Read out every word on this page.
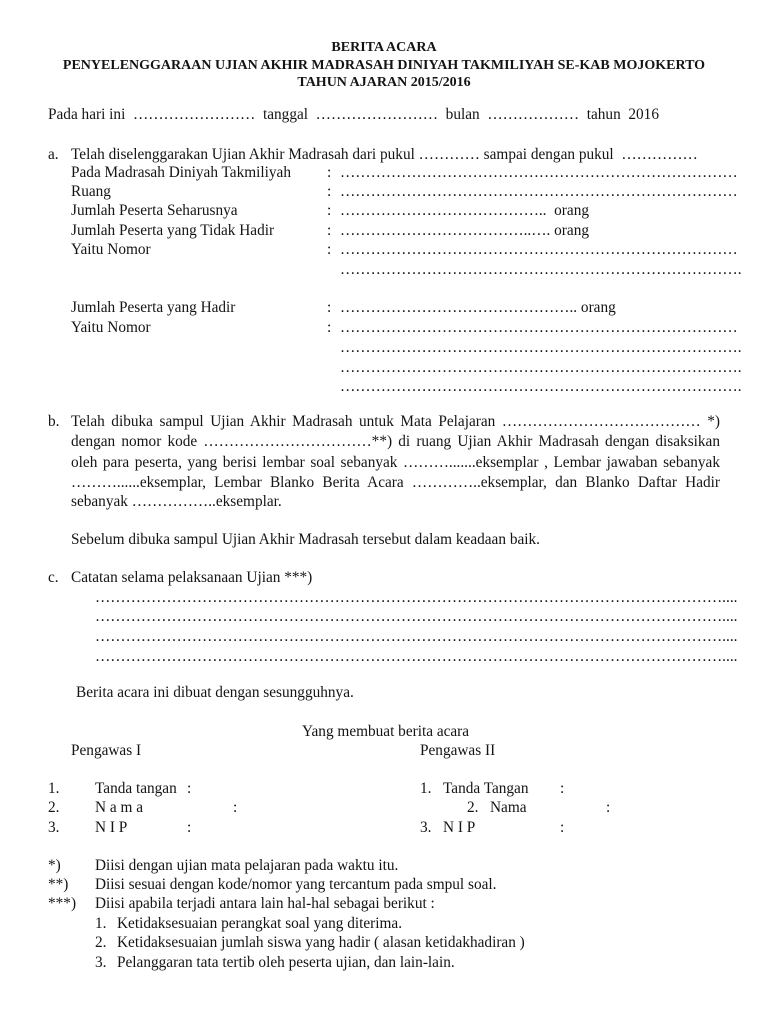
BERITA ACARA
PENYELENGGARAAN UJIAN AKHIR MADRASAH DINIYAH TAKMILIYAH SE-KAB MOJOKERTO
TAHUN AJARAN 2015/2016
Pada hari ini  ……………………  tanggal  ……………………  bulan  ………………  tahun  2016
a. Telah diselenggarakan Ujian Akhir Madrasah dari pukul ………… sampai dengan pukul  ……………
Pada Madrasah Diniyah Takmiliyah	: ……………………………………………………………………
Ruang	: ……………………………………………………………………
Jumlah Peserta Seharusnya	: …………………………………..  orang
Jumlah Peserta yang Tidak Hadir	: ………………………………..…. orang
Yaitu Nomor	: ……………………………………………………………………
…………………………………………………………………….
Jumlah Peserta yang Hadir	: ……………………………………….. orang
Yaitu Nomor	: ……………………………………………………………………
…………………………………………………………………….
…………………………………………………………………….
…………………………………………………………………….
b. Telah dibuka sampul Ujian Akhir Madrasah untuk Mata Pelajaran ………………………………… *)
dengan nomor kode ……………………………**) di ruang Ujian Akhir Madrasah dengan disaksikan
oleh para peserta, yang berisi lembar soal sebanyak ……….......eksemplar , Lembar jawaban sebanyak
………......eksemplar, Lembar Blanko Berita Acara …………..eksemplar, dan Blanko Daftar Hadir
sebanyak ……………..eksemplar.
Sebelum dibuka sampul Ujian Akhir Madrasah tersebut dalam keadaan baik.
c. Catatan selama pelaksanaan Ujian ***)
……………………………………………………………………………………………………………....
……………………………………………………………………………………………………………....
……………………………………………………………………………………………………………....
……………………………………………………………………………………………………………....
Berita acara ini dibuat dengan sesungguhnya.
Yang membuat berita acara
Pengawas I	Pengawas II
1. Tanda tangan :	1. Tanda Tangan :
2. N a m a	:	2. Nama	:
3. N I P	:	3. N I P	:
*) Diisi dengan ujian mata pelajaran pada waktu itu.
**) Diisi sesuai dengan kode/nomor yang tercantum pada smpul soal.
***) Diisi apabila terjadi antara lain hal-hal sebagai berikut :
1. Ketidaksesuaian perangkat soal yang diterima.
2. Ketidaksesuaian jumlah siswa yang hadir ( alasan ketidakhadiran )
3. Pelanggaran tata tertib oleh peserta ujian, dan lain-lain.
